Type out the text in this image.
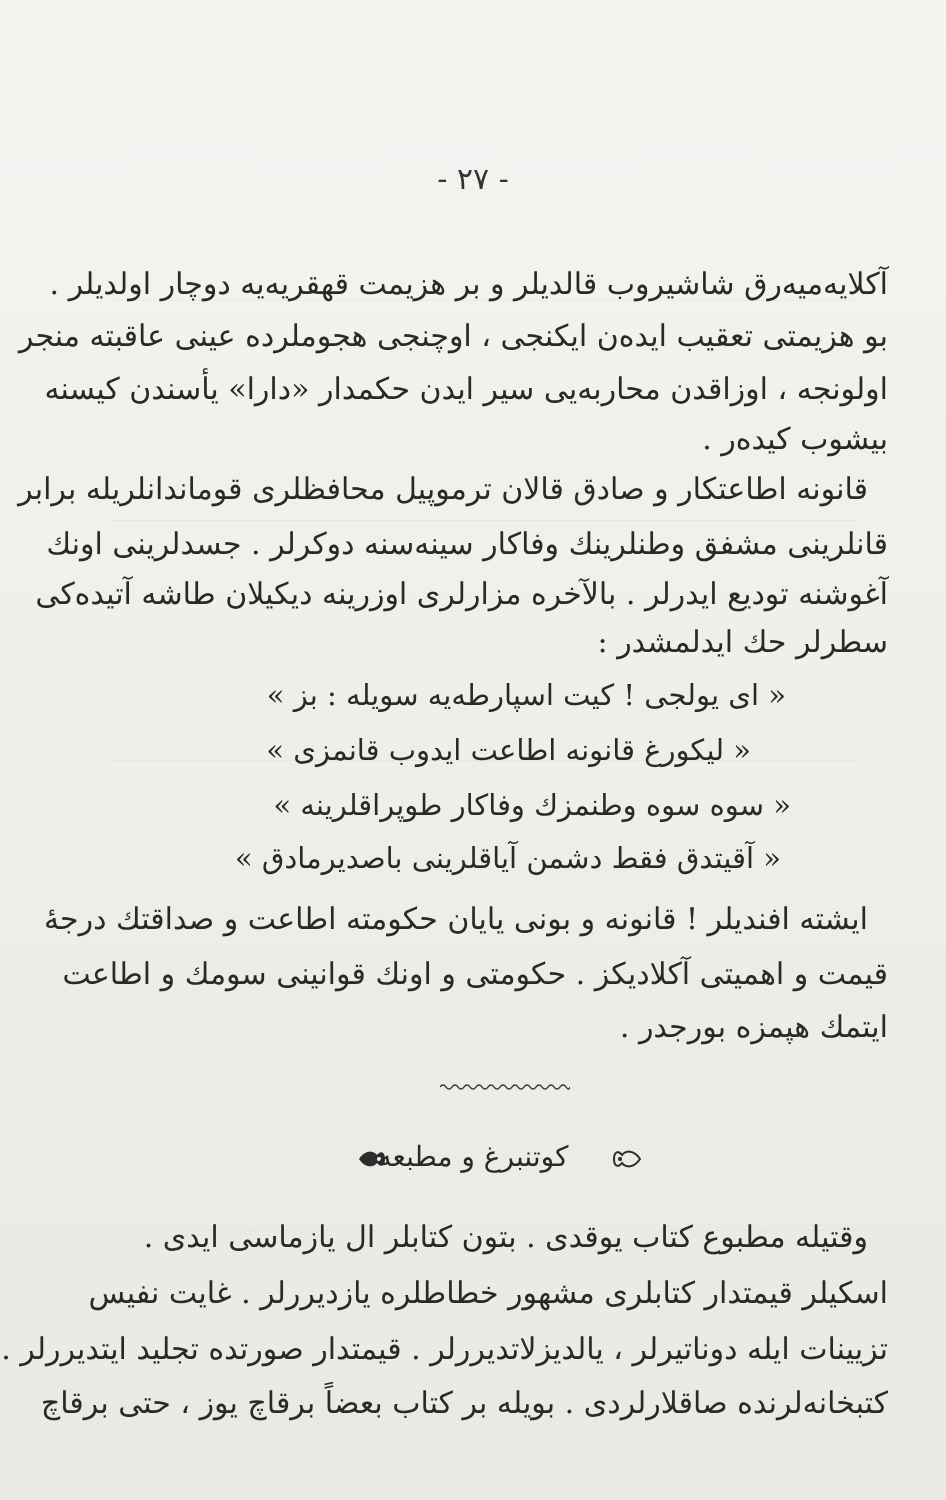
- ٢٧ -
آكلايه‌ميه‌رق شاشيروب قالديلر و بر هزيمت قهقريه‌يه دوچار اولديلر .
بو هزيمتى تعقيب ايده‌ن ايكنجى ، اوچنجى هجوملرده عينى عاقبته منجر
اولونجه ، اوزاقدن محاربه‌يى سير ايدن حكمدار «دارا» يأسندن كيسنه
بيشوب كيده‌ر .
قانونه اطاعتكار و صادق قالان ترموپيل محافظلرى قوماندانلريله برابر
قانلرينى مشفق وطنلرينك وفاكار سينه‌سنه دوكرلر . جسدلرينى اونك
آغوشنه توديع ايدرلر . بالآخره مزارلرى اوزرينه ديكيلان طاشه آتيده‌كى
سطرلر حك ايدلمشدر :
« اى يولجى ! كيت اسپارطه‌يه سويله : بز »
« ليكورغ قانونه اطاعت ايدوب قانمزى »
« سوه سوه وطنمزك وفاكار طوپراقلرينه »
« آقيتدق فقط دشمن آياقلرينى باصديرمادق »
ايشته افنديلر ! قانونه و بونى يايان حكومته اطاعت و صداقتك درجه‌ٔ
قيمت و اهميتى آكلاديكز . حكومتى و اونك قوانينى سومك و اطاعت
ايتمك هپمزه بورجدر .
كوتنبرغ و مطبعه
وقتيله مطبوع كتاب يوقدى . بتون كتابلر ال يازماسى ايدى .
اسكيلر قيمتدار كتابلرى مشهور خطاطلره يازديررلر . غايت نفيس
تزيينات ايله دوناتيرلر ، يالديزلاتديررلر . قيمتدار صورتده تجليد ايتديررلر .
كتبخانه‌لرنده صاقلارلردى . بويله بر كتاب بعضاً برقاچ يوز ، حتى برقاچ
